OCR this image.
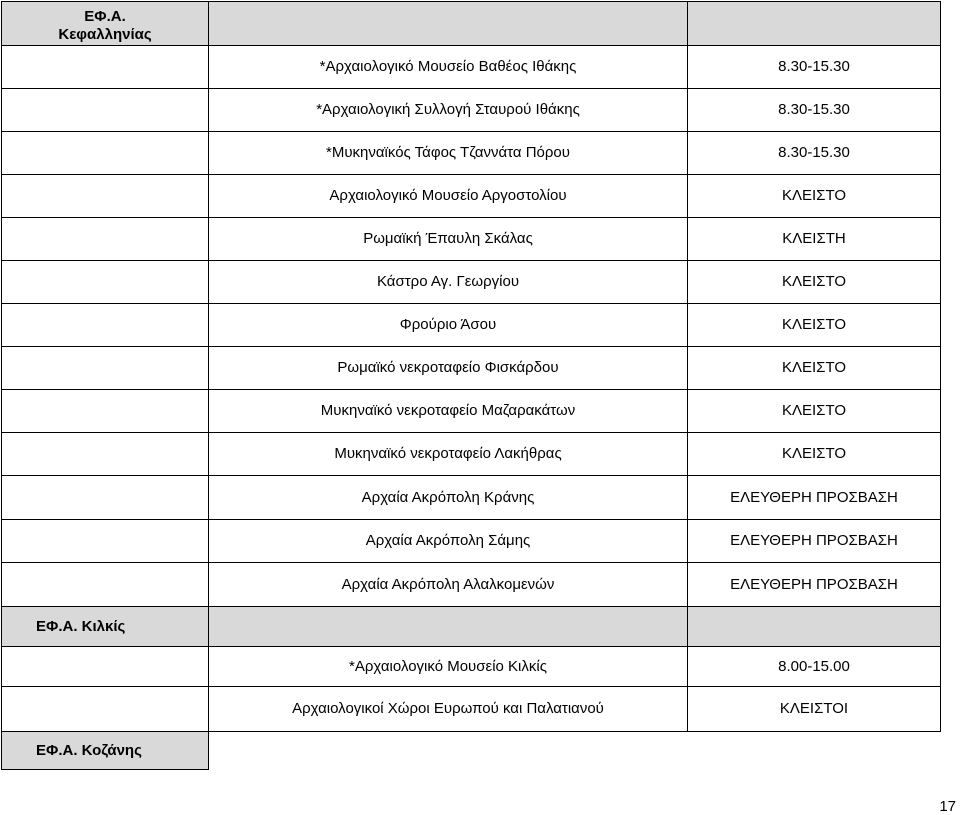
ΕΦ.Α.
Κεφαλληνίας		

	*Αρχαιολογικό Μουσείο Βαθέος Ιθάκης	8.30-15.30
	*Αρχαιολογική Συλλογή Σταυρού Ιθάκης	8.30-15.30
	*Μυκηναϊκός Τάφος Τζαννάτα Πόρου	8.30-15.30
	Αρχαιολογικό Μουσείο Αργοστολίου	ΚΛΕΙΣΤΟ
	Ρωμαϊκή Έπαυλη Σκάλας	ΚΛΕΙΣΤΗ
	Κάστρο Αγ. Γεωργίου	ΚΛΕΙΣΤΟ
	Φρούριο Άσου	ΚΛΕΙΣΤΟ
	Ρωμαϊκό νεκροταφείο Φισκάρδου	ΚΛΕΙΣΤΟ
	Μυκηναϊκό νεκροταφείο Μαζαρακάτων	ΚΛΕΙΣΤΟ
	Μυκηναϊκό νεκροταφείο Λακήθρας	ΚΛΕΙΣΤΟ
	Αρχαία Ακρόπολη Κράνης	ΕΛΕΥΘΕΡΗ ΠΡΟΣΒΑΣΗ
	Αρχαία Ακρόπολη Σάμης	ΕΛΕΥΘΕΡΗ ΠΡΟΣΒΑΣΗ
	Αρχαία Ακρόπολη Αλαλκομενών	ΕΛΕΥΘΕΡΗ ΠΡΟΣΒΑΣΗ
ΕΦ.Α. Κιλκίς		
	*Αρχαιολογικό Μουσείο Κιλκίς	8.00-15.00
	Αρχαιολογικοί Χώροι Ευρωπού και Παλατιανού	ΚΛΕΙΣΤΟΙ
ΕΦ.Α. Κοζάνης		
17
